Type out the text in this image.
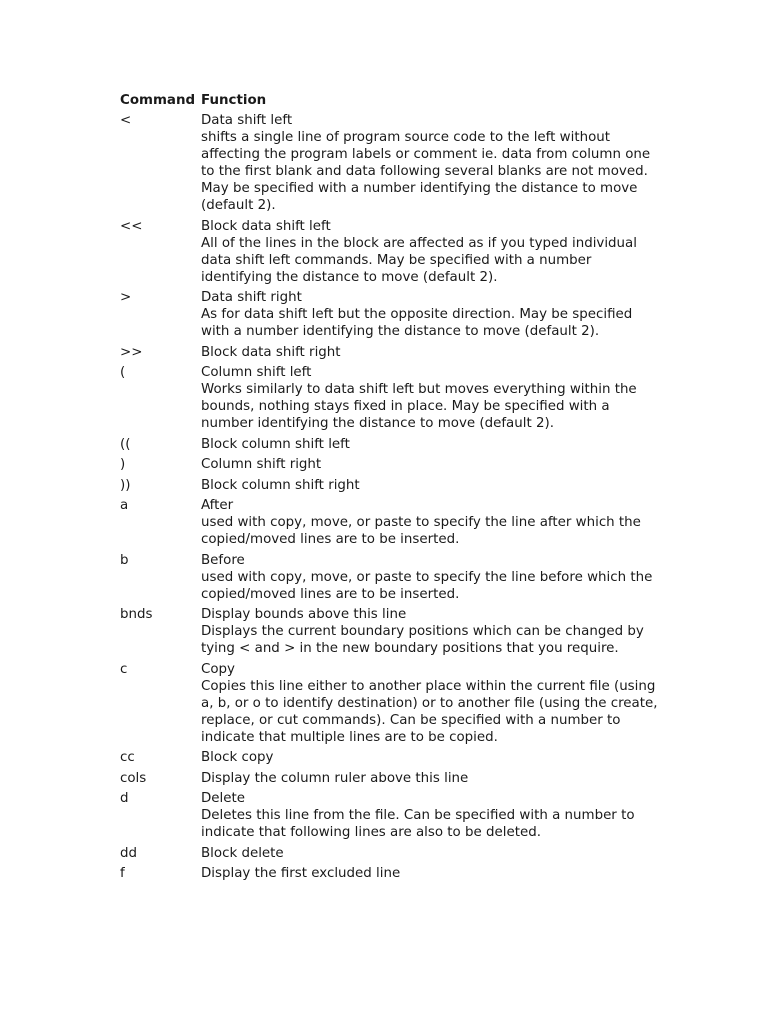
Command Function
<	Data shift left
shifts a single line of program source code to the left without affecting the program labels or comment ie. data from column one to the first blank and data following several blanks are not moved. May be specified with a number identifying the distance to move (default 2).
<<	Block data shift left
All of the lines in the block are affected as if you typed individual data shift left commands. May be specified with a number identifying the distance to move (default 2).
>	Data shift right
As for data shift left but the opposite direction. May be specified with a number identifying the distance to move (default 2).
>>	Block data shift right
(	Column shift left
Works similarly to data shift left but moves everything within the bounds, nothing stays fixed in place. May be specified with a number identifying the distance to move (default 2).
((	Block column shift left
)	Column shift right
))	Block column shift right
a	After
used with copy, move, or paste to specify the line after which the copied/moved lines are to be inserted.
b	Before
used with copy, move, or paste to specify the line before which the copied/moved lines are to be inserted.
bnds	Display bounds above this line
Displays the current boundary positions which can be changed by tying < and > in the new boundary positions that you require.
c	Copy
Copies this line either to another place within the current file (using a, b, or o to identify destination) or to another file (using the create, replace, or cut commands). Can be specified with a number to indicate that multiple lines are to be copied.
cc	Block copy
cols	Display the column ruler above this line
d	Delete
Deletes this line from the file. Can be specified with a number to indicate that following lines are also to be deleted.
dd	Block delete
f	Display the first excluded line
